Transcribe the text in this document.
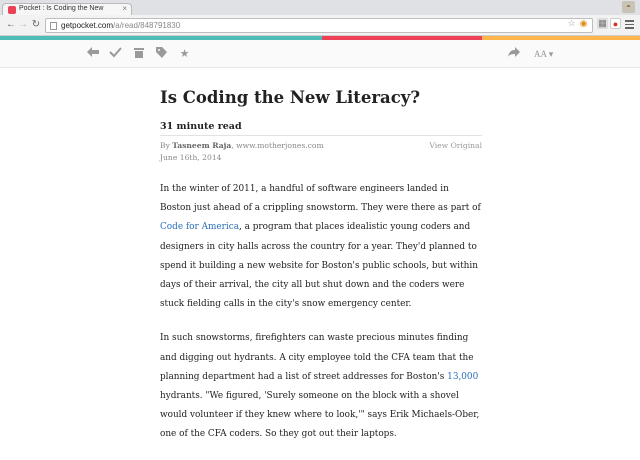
Pocket : Is Coding the New	×	◓
← → ↻	getpocket.com/a/read/848791830	◉
☆	▦ ●
★	AA ▾
Is Coding the New Literacy?
31 minute read
By Tasneem Raja, www.motherjones.com	View Original
June 16th, 2014

In the winter of 2011, a handful of software engineers landed in Boston just ahead of a crippling snowstorm. They were there as part of Code for America, a program that places idealistic young coders and designers in city halls across the country for a year. They'd planned to spend it building a new website for Boston's public schools, but within days of their arrival, the city all but shut down and the coders were stuck fielding calls in the city's snow emergency center.

In such snowstorms, firefighters can waste precious minutes finding and digging out hydrants. A city employee told the CFA team that the planning department had a list of street addresses for Boston's 13,000 hydrants. "We figured, 'Surely someone on the block with a shovel would volunteer if they knew where to look,'" says Erik Michaels-Ober, one of the CFA coders. So they got out their laptops.
